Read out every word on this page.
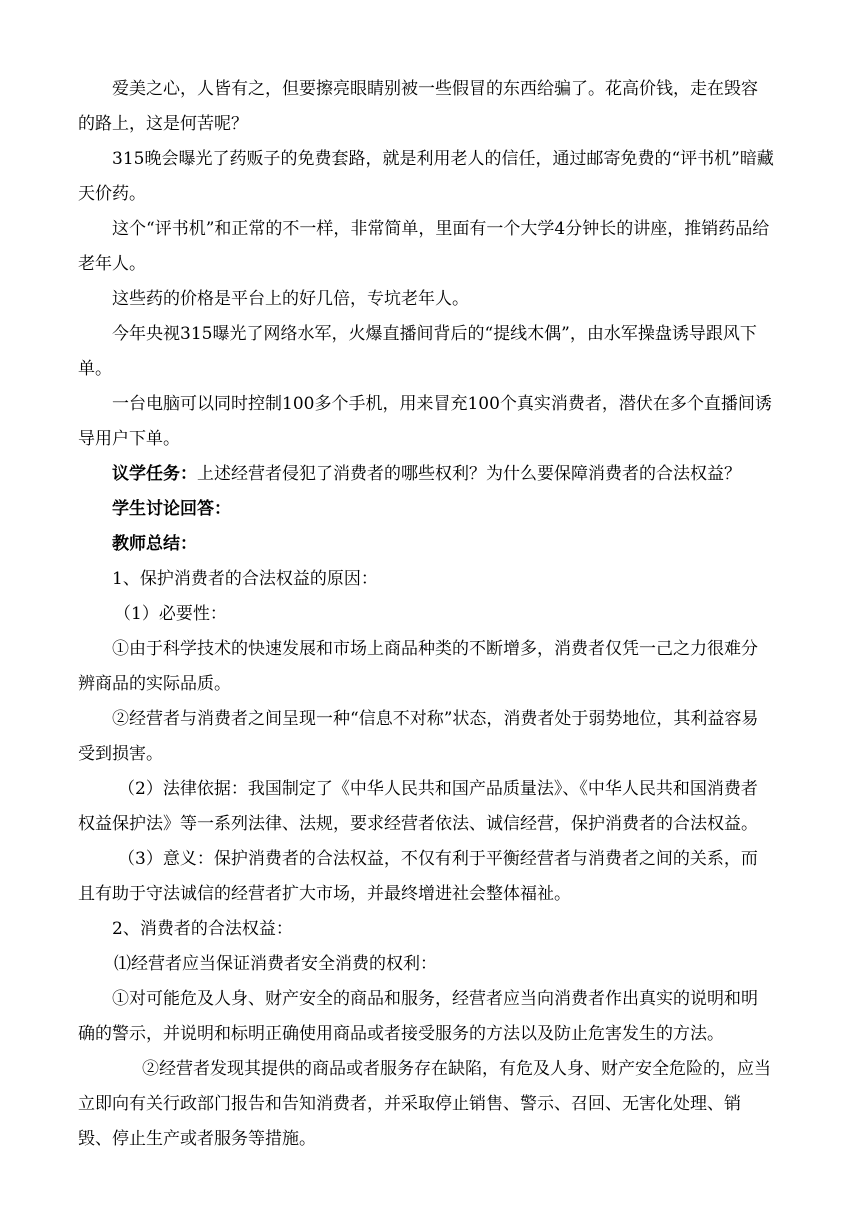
爱美之心，人皆有之，但要擦亮眼睛别被一些假冒的东西给骗了。花高价钱，走在毁容的路上，这是何苦呢？

315晚会曝光了药贩子的免费套路，就是利用老人的信任，通过邮寄免费的“评书机”暗藏天价药。

这个“评书机”和正常的不一样，非常简单，里面有一个大学4分钟长的讲座，推销药品给老年人。

这些药的价格是平台上的好几倍，专坑老年人。

今年央视315曝光了网络水军，火爆直播间背后的“提线木偶”，由水军操盘诱导跟风下单。

一台电脑可以同时控制100多个手机，用来冒充100个真实消费者，潜伏在多个直播间诱导用户下单。

议学任务：上述经营者侵犯了消费者的哪些权利？为什么要保障消费者的合法权益？

学生讨论回答：

教师总结：

1、保护消费者的合法权益的原因：

（1）必要性：

①由于科学技术的快速发展和市场上商品种类的不断增多，消费者仅凭一己之力很难分辨商品的实际品质。

②经营者与消费者之间呈现一种“信息不对称”状态，消费者处于弱势地位，其利益容易受到损害。

（2）法律依据：我国制定了《中华人民共和国产品质量法》、《中华人民共和国消费者权益保护法》等一系列法律、法规，要求经营者依法、诚信经营，保护消费者的合法权益。

（3）意义：保护消费者的合法权益，不仅有利于平衡经营者与消费者之间的关系，而且有助于守法诚信的经营者扩大市场，并最终增进社会整体福祉。

2、消费者的合法权益：

⑴经营者应当保证消费者安全消费的权利：

①对可能危及人身、财产安全的商品和服务，经营者应当向消费者作出真实的说明和明确的警示，并说明和标明正确使用商品或者接受服务的方法以及防止危害发生的方法。

②经营者发现其提供的商品或者服务存在缺陷，有危及人身、财产安全危险的，应当立即向有关行政部门报告和告知消费者，并采取停止销售、警示、召回、无害化处理、销毁、停止生产或者服务等措施。
